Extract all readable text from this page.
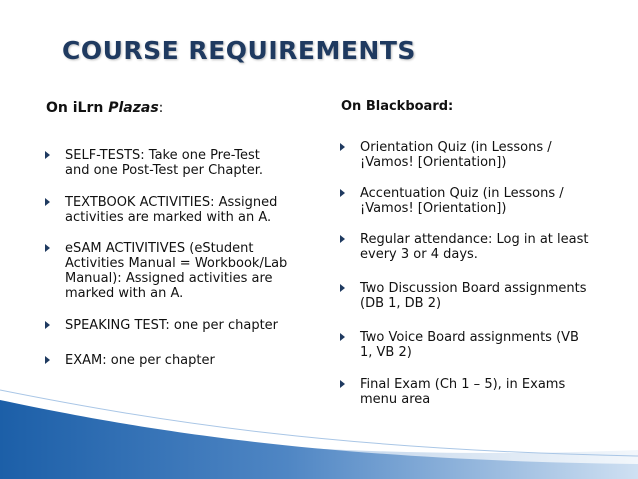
COURSE REQUIREMENTS
On iLrn Plazas:	On Blackboard:
SELF-TESTS: Take one Pre-Test
and one Post-Test per Chapter.
TEXTBOOK ACTIVITIES: Assigned
activities are marked with an A.
eSAM ACTIVITIVES (eStudent
Activities Manual = Workbook/Lab
Manual): Assigned activities are
marked with an A.
SPEAKING TEST: one per chapter
EXAM: one per chapter
Orientation Quiz (in Lessons /
¡Vamos! [Orientation])
Accentuation Quiz (in Lessons /
¡Vamos! [Orientation])
Regular attendance: Log in at least
every 3 or 4 days.
Two Discussion Board assignments
(DB 1, DB 2)
Two Voice Board assignments (VB
1, VB 2)
Final Exam (Ch 1 – 5), in Exams
menu area
